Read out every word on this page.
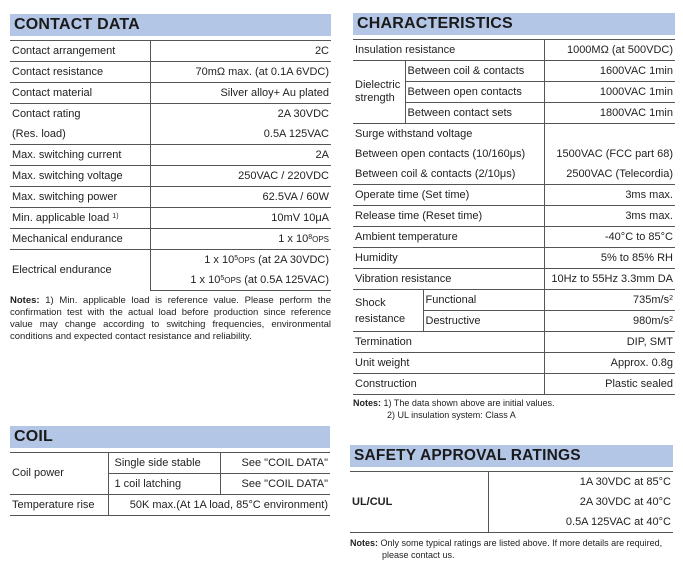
CONTACT DATA
Contact arrangement	2C
Contact resistance	70mΩ max. (at 0.1A 6VDC)
Contact material	Silver alloy+ Au plated
Contact rating	2A 30VDC
(Res. load)	0.5A 125VAC
Max. switching current	2A
Max. switching voltage	250VAC / 220VDC
Max. switching power	62.5VA / 60W
Min. applicable load $^{1)}$	10mV 10μA
Mechanical endurance	1 x $10^8OPS$
Electrical endurance	1 x $10^5OPS$ (at 2A 30VDC)
	1 x $10^5OPS$ (at 0.5A 125VAC)
Notes: 1) Min. applicable load is reference value. Please perform the confirmation test with the actual load before production since reference value may change according to switching frequencies, environmental conditions and expected contact resistance and reliability.
COIL
Coil power	Single side stable	See "COIL DATA"
	1 coil latching	See "COIL DATA"
Temperature rise	50K max.(At 1A load, 85°C environment)	
CHARACTERISTICS
Insulation resistance			1000MΩ (at 500VDC)
Dielectric
strength	Between coil & contacts		1600VAC 1min
	Between open contacts		1000VAC 1min
	Between contact sets		1800VAC 1min
Surge withstand voltage			
Between open contacts (10/160μs)			1500VAC (FCC part 68)
Between coil & contacts (2/10μs)			2500VAC (Telecordia)
Operate time (Set time)			3ms max.
Release time (Reset time)			3ms max.
Ambient temperature			-40°C to 85°C
Humidity			5% to 85% RH
Vibration resistance			10Hz to 55Hz 3.3mm DA
Shock
resistance		Functional	$735m/s^2$
		Destructive	$980m/s^2$
Termination			DIP, SMT
Unit weight			Approx. 0.8g
Construction			Plastic sealed
Notes: 1) The data shown above are initial values.
2) UL insulation system: Class A
SAFETY APPROVAL RATINGS
UL/CUL	1A 30VDC at 85°C
2A 30VDC at 40°C
0.5A 125VAC at 40°C
Notes: Only some typical ratings are listed above. If more details are required, please contact us.
